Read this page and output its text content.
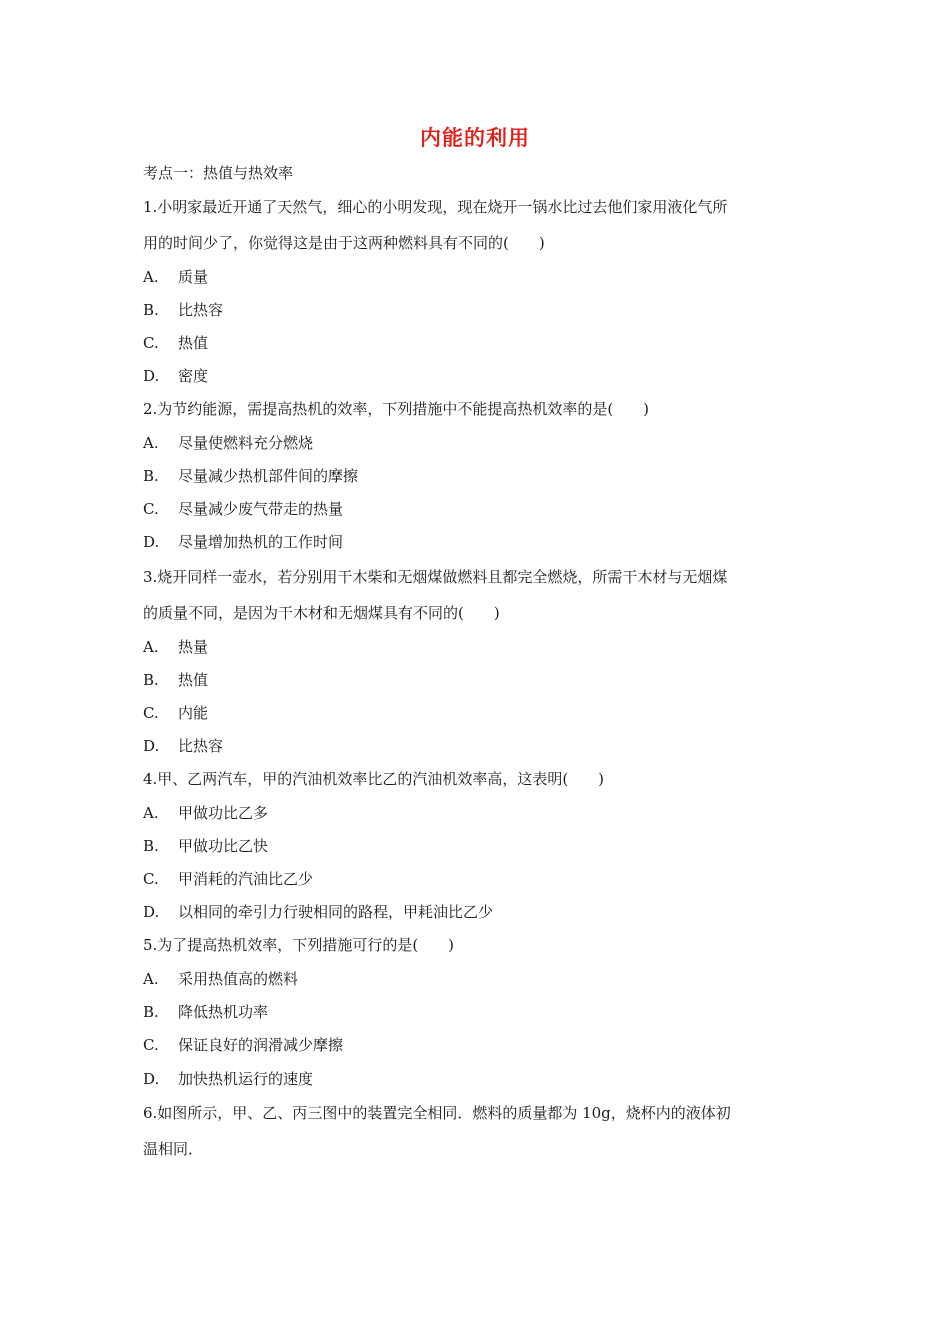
内能的利用
考点一：热值与热效率
1.小明家最近开通了天然气，细心的小明发现，现在烧开一锅水比过去他们家用液化气所
用的时间少了，你觉得这是由于这两种燃料具有不同的(　　)
A. 质量
B. 比热容
C. 热值
D. 密度
2.为节约能源，需提高热机的效率，下列措施中不能提高热机效率的是(　　)
A. 尽量使燃料充分燃烧
B. 尽量减少热机部件间的摩擦
C. 尽量减少废气带走的热量
D. 尽量增加热机的工作时间
3.烧开同样一壶水，若分别用干木柴和无烟煤做燃料且都完全燃烧，所需干木材与无烟煤
的质量不同，是因为干木材和无烟煤具有不同的(　　)
A. 热量
B. 热值
C. 内能
D. 比热容
4.甲、乙两汽车，甲的汽油机效率比乙的汽油机效率高，这表明(　　)
A. 甲做功比乙多
B. 甲做功比乙快
C. 甲消耗的汽油比乙少
D. 以相同的牵引力行驶相同的路程，甲耗油比乙少
5.为了提高热机效率，下列措施可行的是(　　)
A. 采用热值高的燃料
B. 降低热机功率
C. 保证良好的润滑减少摩擦
D. 加快热机运行的速度
6.如图所示，甲、乙、丙三图中的装置完全相同．燃料的质量都为 10g，烧杯内的液体初
温相同．
